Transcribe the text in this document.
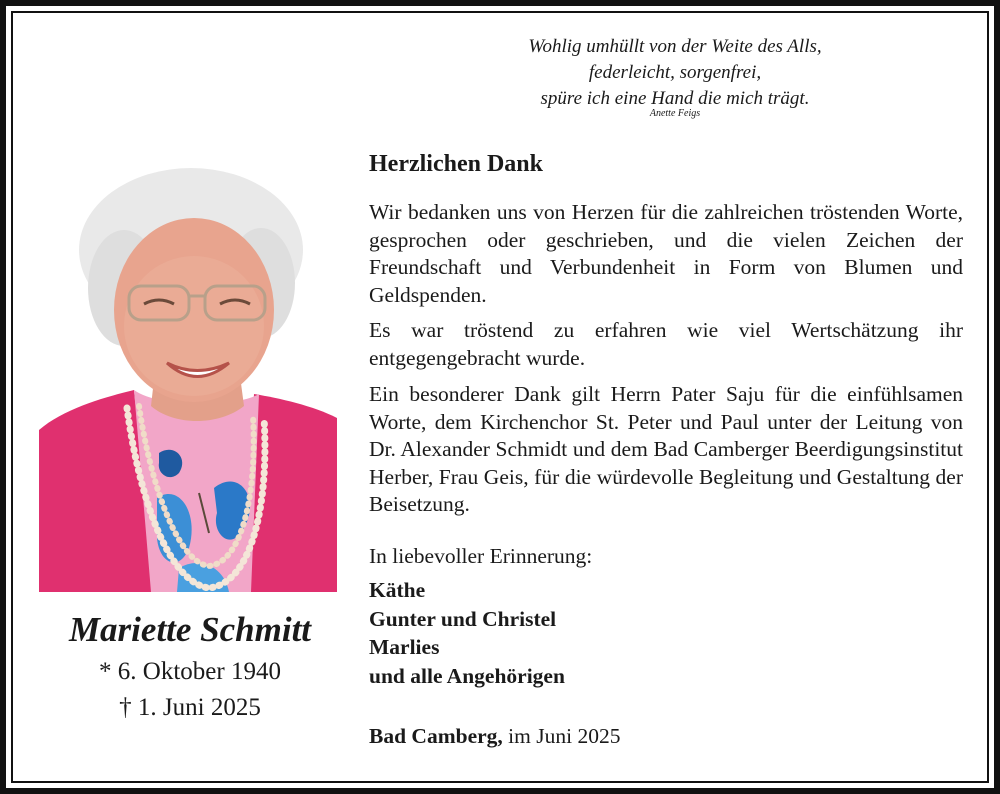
Wohlig umhüllt von der Weite des Alls,
federleicht, sorgenfrei,
spüre ich eine Hand die mich trägt.
Anette Feigs
Mariette Schmitt
* 6. Oktober 1940
† 1. Juni 2025
Herzlichen Dank
Wir bedanken uns von Herzen für die zahlreichen tröstenden Worte, gesprochen oder geschrieben, und die vielen Zeichen der Freundschaft und Verbundenheit in Form von Blumen und Geldspenden.
Es war tröstend zu erfahren wie viel Wertschätzung ihr entgegengebracht wurde.
Ein besonderer Dank gilt Herrn Pater Saju für die einfühlsamen Worte, dem Kirchenchor St. Peter und Paul unter der Leitung von Dr. Alexander Schmidt und dem Bad Camberger Beerdigungsinstitut Herber, Frau Geis, für die würdevolle Begleitung und Gestaltung der Beisetzung.
In liebevoller Erinnerung:
Käthe
Gunter und Christel
Marlies
und alle Angehörigen
Bad Camberg, im Juni 2025
